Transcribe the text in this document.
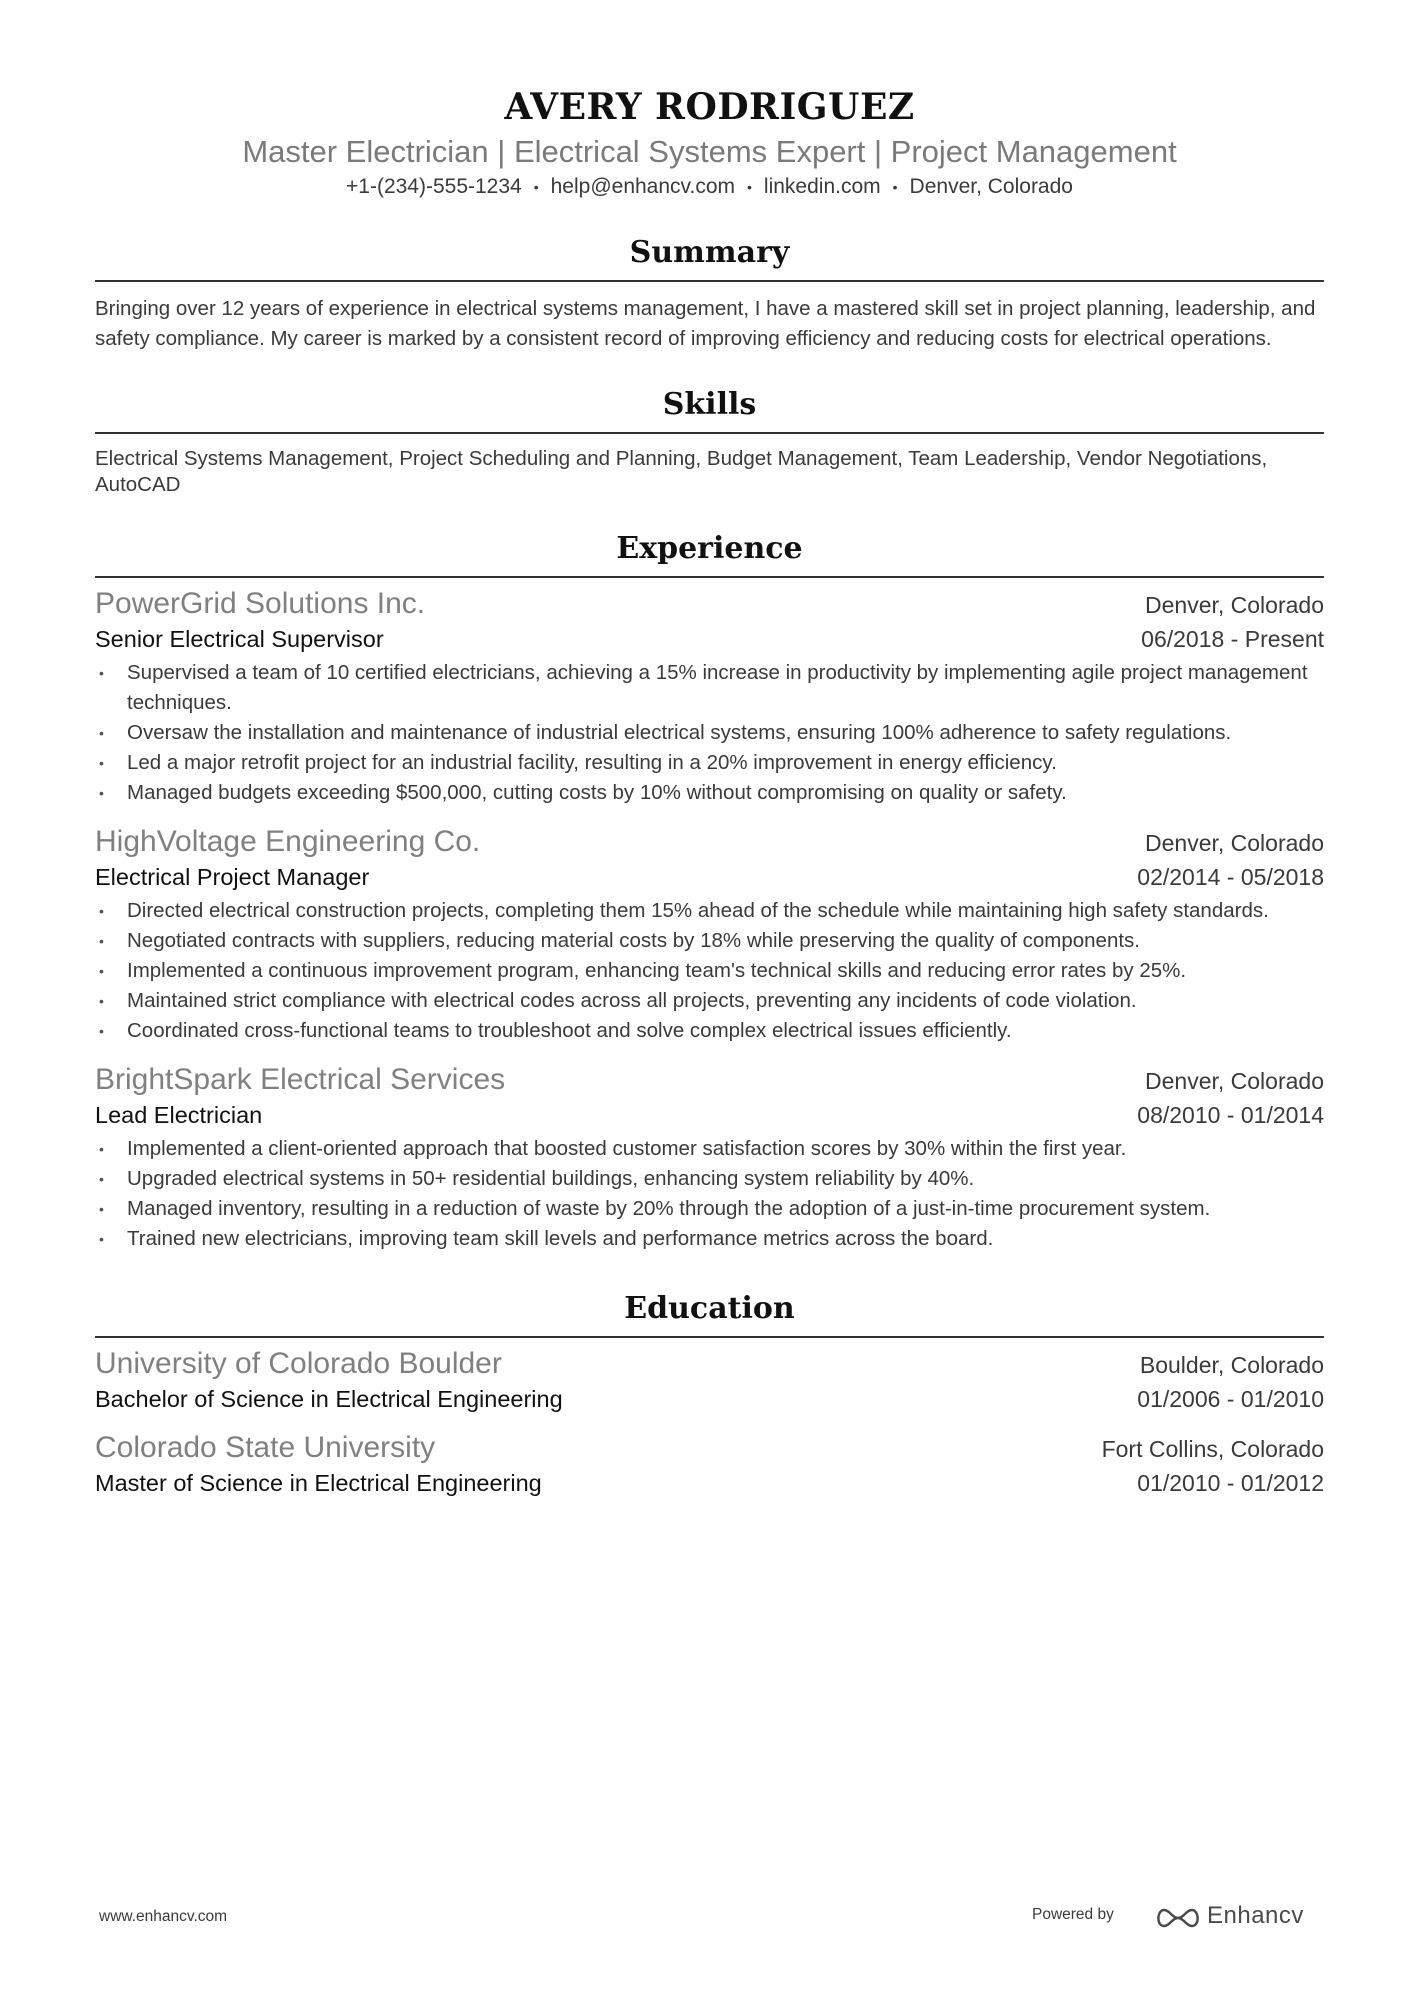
AVERY RODRIGUEZ
Master Electrician | Electrical Systems Expert | Project Management
+1-(234)-555-1234 • help@enhancv.com • linkedin.com • Denver, Colorado
Summary
Bringing over 12 years of experience in electrical systems management, I have a mastered skill set in project planning, leadership, and safety compliance. My career is marked by a consistent record of improving efficiency and reducing costs for electrical operations.
Skills
Electrical Systems Management, Project Scheduling and Planning, Budget Management, Team Leadership, Vendor Negotiations, AutoCAD
Experience
PowerGrid Solutions Inc.	Denver, Colorado
Senior Electrical Supervisor	06/2018 - Present
• Supervised a team of 10 certified electricians, achieving a 15% increase in productivity by implementing agile project management techniques.
• Oversaw the installation and maintenance of industrial electrical systems, ensuring 100% adherence to safety regulations.
• Led a major retrofit project for an industrial facility, resulting in a 20% improvement in energy efficiency.
• Managed budgets exceeding $500,000, cutting costs by 10% without compromising on quality or safety.
HighVoltage Engineering Co.	Denver, Colorado
Electrical Project Manager	02/2014 - 05/2018
• Directed electrical construction projects, completing them 15% ahead of the schedule while maintaining high safety standards.
• Negotiated contracts with suppliers, reducing material costs by 18% while preserving the quality of components.
• Implemented a continuous improvement program, enhancing team's technical skills and reducing error rates by 25%.
• Maintained strict compliance with electrical codes across all projects, preventing any incidents of code violation.
• Coordinated cross-functional teams to troubleshoot and solve complex electrical issues efficiently.
BrightSpark Electrical Services	Denver, Colorado
Lead Electrician	08/2010 - 01/2014
• Implemented a client-oriented approach that boosted customer satisfaction scores by 30% within the first year.
• Upgraded electrical systems in 50+ residential buildings, enhancing system reliability by 40%.
• Managed inventory, resulting in a reduction of waste by 20% through the adoption of a just-in-time procurement system.
• Trained new electricians, improving team skill levels and performance metrics across the board.
Education
University of Colorado Boulder	Boulder, Colorado
Bachelor of Science in Electrical Engineering	01/2006 - 01/2010
Colorado State University	Fort Collins, Colorado
Master of Science in Electrical Engineering	01/2010 - 01/2012
www.enhancv.com	Powered by	Enhancv
